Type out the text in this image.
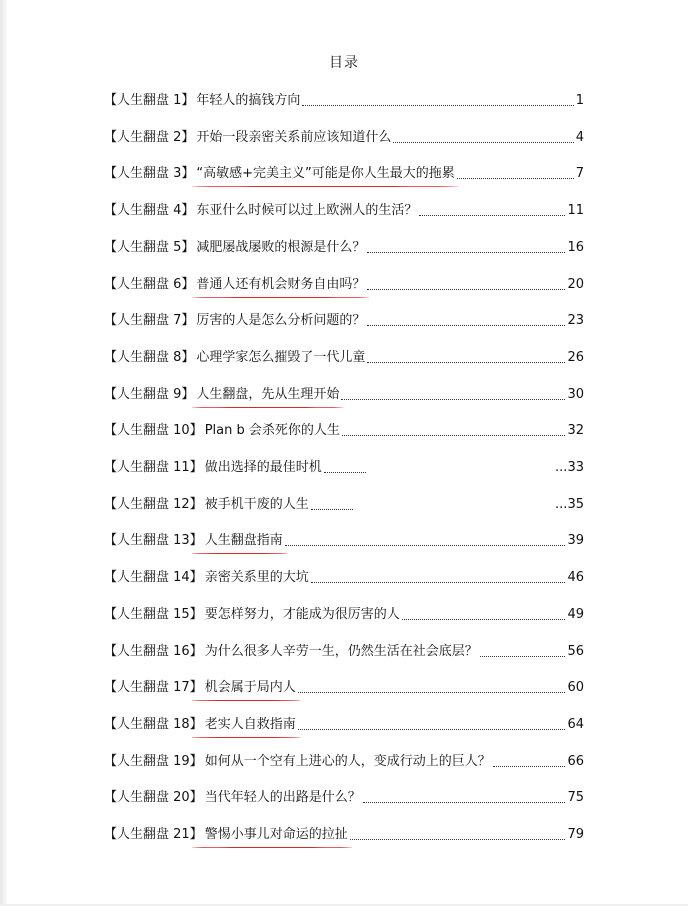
目录
【人生翻盘 1】 年轻人的搞钱方向	1
【人生翻盘 2】 开始一段亲密关系前应该知道什么	4
【人生翻盘 3】 “高敏感+完美主义”可能是你人生最大的拖累	7
【人生翻盘 4】 东亚什么时候可以过上欧洲人的生活？	11
【人生翻盘 5】 减肥屡战屡败的根源是什么？	16
【人生翻盘 6】 普通人还有机会财务自由吗？	20
【人生翻盘 7】 厉害的人是怎么分析问题的？	23
【人生翻盘 8】 心理学家怎么摧毁了一代儿童	26
【人生翻盘 9】 人生翻盘，先从生理开始	30
【人生翻盘 10】 Plan b 会杀死你的人生	32
【人生翻盘 11】 做出选择的最佳时机	...33
【人生翻盘 12】 被手机干废的人生	...35
【人生翻盘 13】 人生翻盘指南	39
【人生翻盘 14】 亲密关系里的大坑	46
【人生翻盘 15】 要怎样努力，才能成为很厉害的人	49
【人生翻盘 16】 为什么很多人辛劳一生，仍然生活在社会底层？	56
【人生翻盘 17】 机会属于局内人	60
【人生翻盘 18】 老实人自救指南	64
【人生翻盘 19】 如何从一个空有上进心的人，变成行动上的巨人？	66
【人生翻盘 20】 当代年轻人的出路是什么？	75
【人生翻盘 21】 警惕小事儿对命运的拉扯	79
